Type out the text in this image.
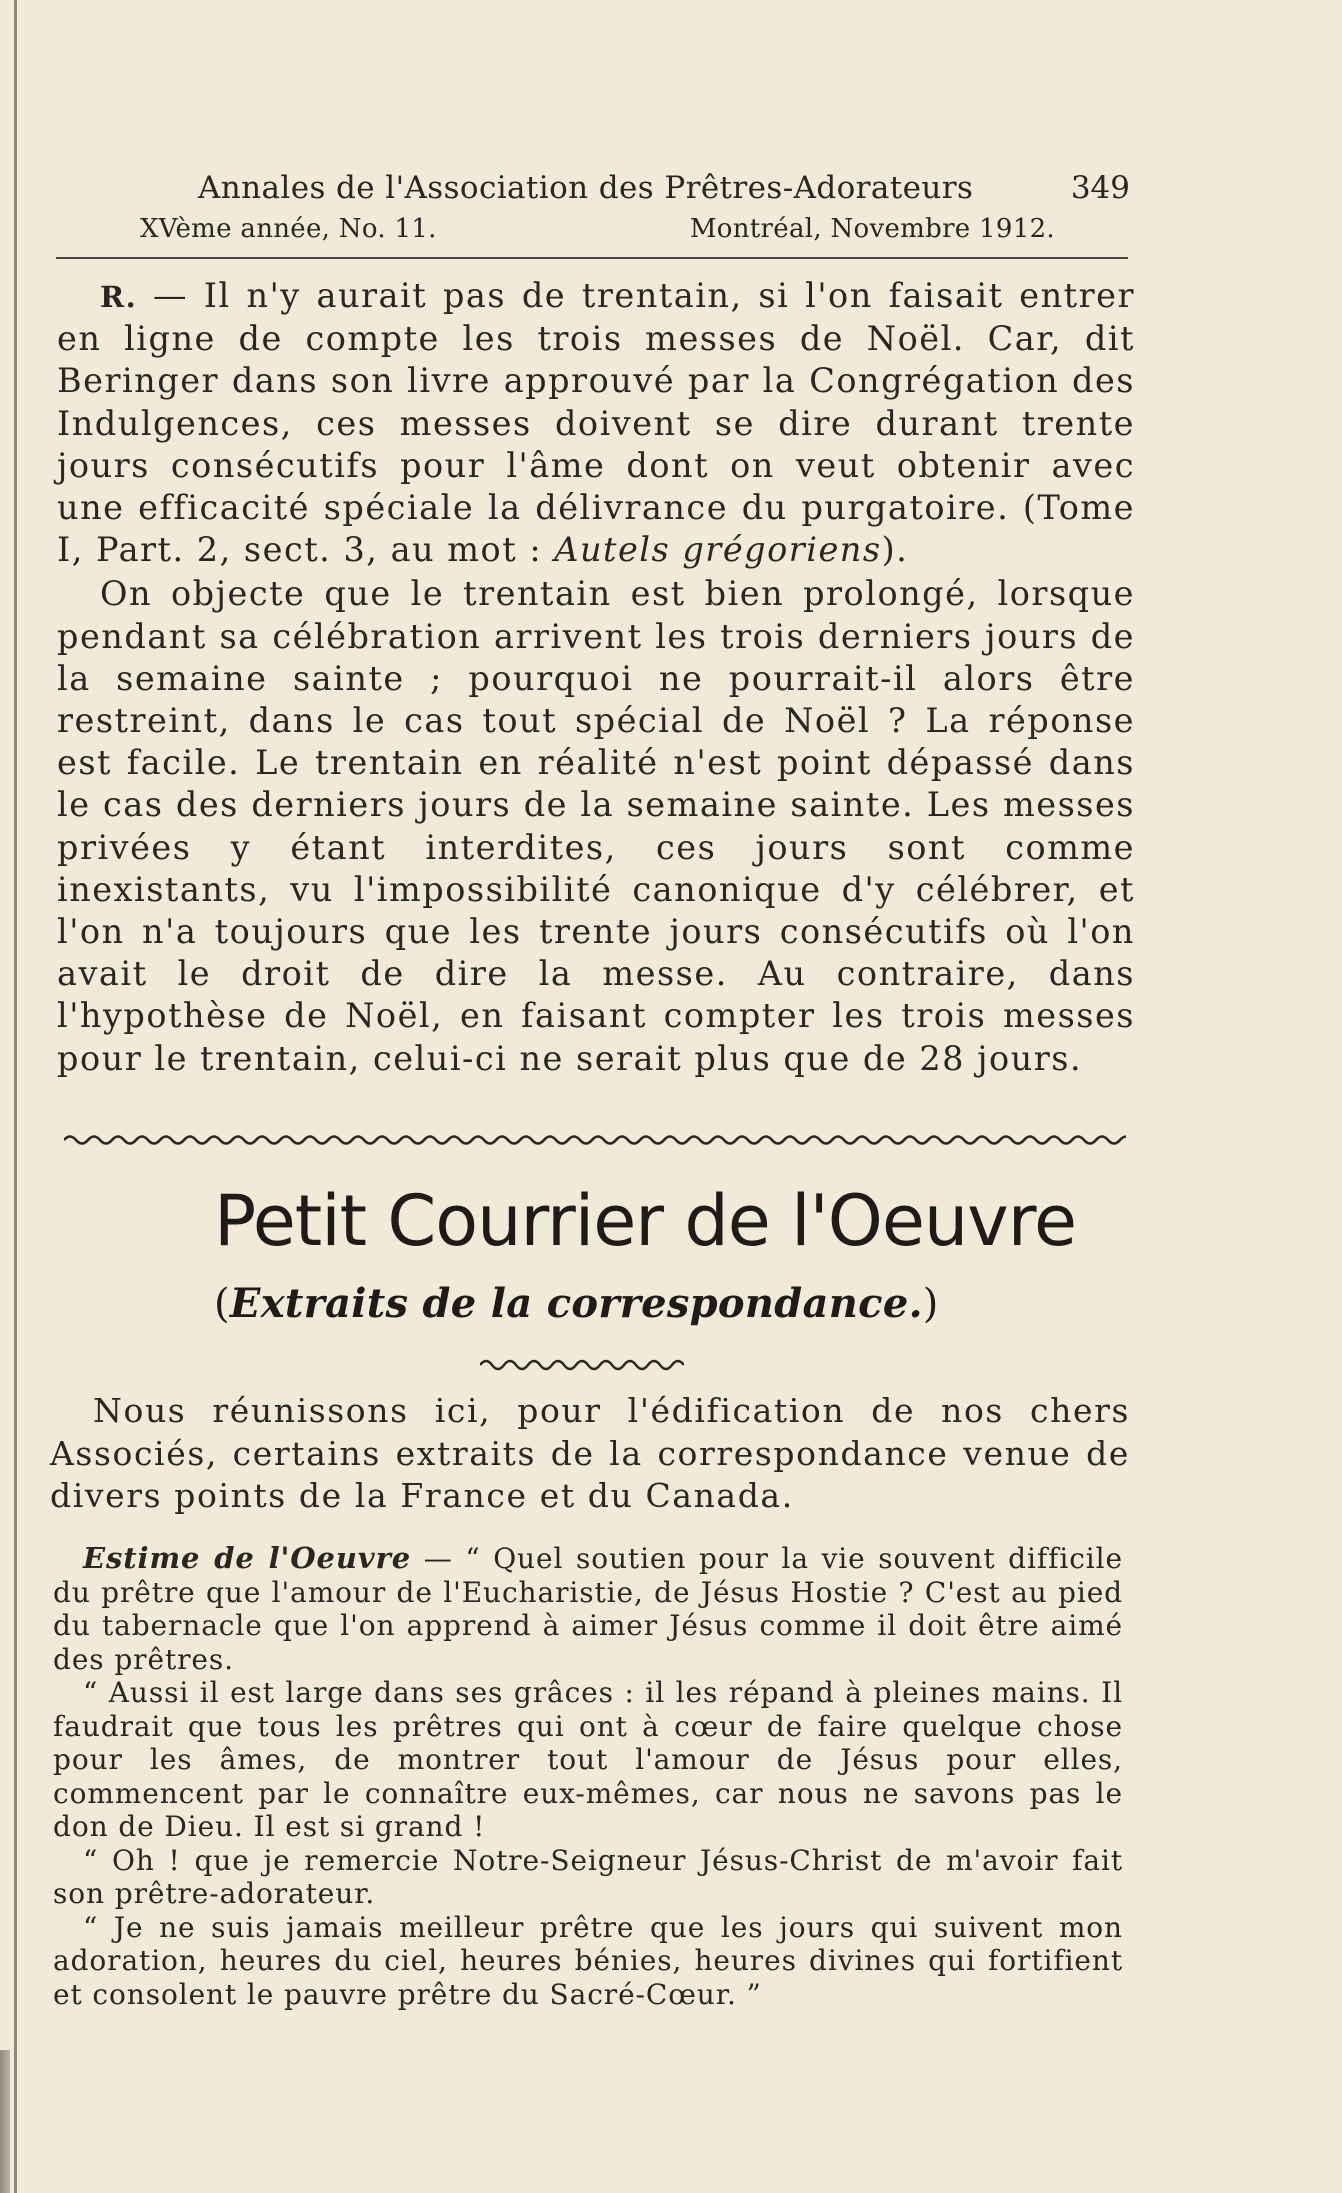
Annales de l'Association des Prêtres-Adorateurs	349
XVème année, No. 11.	Montréal, Novembre 1912.

R. — Il n'y aurait pas de trentain, si l'on faisait entrer en ligne de compte les trois messes de Noël. Car, dit Beringer dans son livre approuvé par la Congrégation des Indulgences, ces messes doivent se dire durant trente jours consécutifs pour l'âme dont on veut obtenir avec une efficacité spéciale la délivrance du purgatoire. (Tome I, Part. 2, sect. 3, au mot : Autels grégoriens).

On objecte que le trentain est bien prolongé, lorsque pendant sa célébration arrivent les trois derniers jours de la semaine sainte ; pourquoi ne pourrait-il alors être restreint, dans le cas tout spécial de Noël ? La réponse est facile. Le trentain en réalité n'est point dépassé dans le cas des derniers jours de la semaine sainte. Les messes privées y étant interdites, ces jours sont comme inexistants, vu l'impossibilité canonique d'y célébrer, et l'on n'a toujours que les trente jours consécutifs où l'on avait le droit de dire la messe. Au contraire, dans l'hypothèse de Noël, en faisant compter les trois messes pour le trentain, celui-ci ne serait plus que de 28 jours.

Petit Courrier de l'Oeuvre
(Extraits de la correspondance.)

Nous réunissons ici, pour l'édification de nos chers Associés, certains extraits de la correspondance venue de divers points de la France et du Canada.

Estime de l'Oeuvre — “ Quel soutien pour la vie souvent difficile du prêtre que l'amour de l'Eucharistie, de Jésus Hostie ? C'est au pied du tabernacle que l'on apprend à aimer Jésus comme il doit être aimé des prêtres.

“ Aussi il est large dans ses grâces : il les répand à pleines mains. Il faudrait que tous les prêtres qui ont à cœur de faire quelque chose pour les âmes, de montrer tout l'amour de Jésus pour elles, commencent par le connaître eux-mêmes, car nous ne savons pas le don de Dieu. Il est si grand !

“ Oh ! que je remercie Notre-Seigneur Jésus-Christ de m'avoir fait son prêtre-adorateur.

“ Je ne suis jamais meilleur prêtre que les jours qui suivent mon adoration, heures du ciel, heures bénies, heures divines qui fortifient et consolent le pauvre prêtre du Sacré-Cœur. ”
